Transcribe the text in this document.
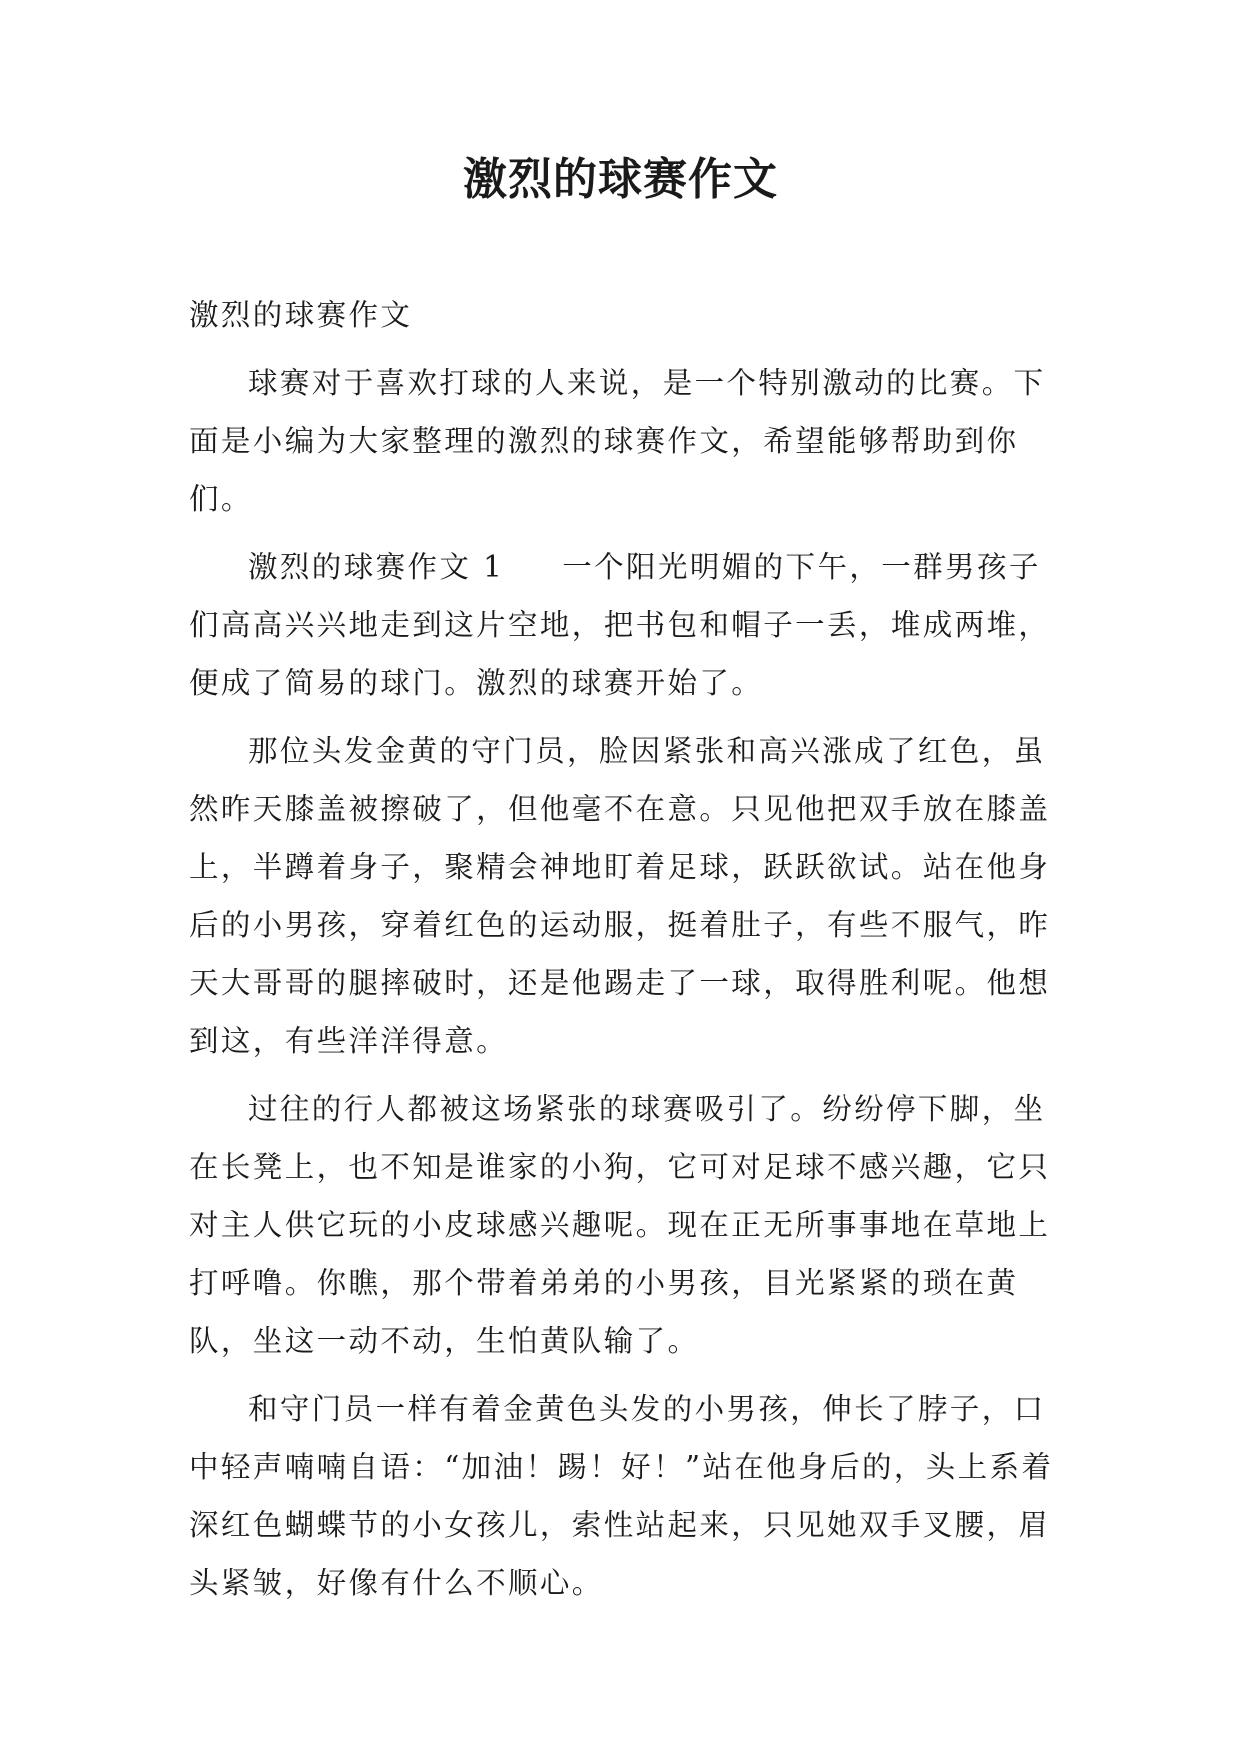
激烈的球赛作文

激烈的球赛作文

球赛对于喜欢打球的人来说，是一个特别激动的比赛。下面是小编为大家整理的激烈的球赛作文，希望能够帮助到你们。

激烈的球赛作文 1 一个阳光明媚的下午，一群男孩子们高高兴兴地走到这片空地，把书包和帽子一丢，堆成两堆，便成了简易的球门。激烈的球赛开始了。

那位头发金黄的守门员，脸因紧张和高兴涨成了红色，虽然昨天膝盖被擦破了，但他毫不在意。只见他把双手放在膝盖上，半蹲着身子，聚精会神地盯着足球，跃跃欲试。站在他身后的小男孩，穿着红色的运动服，挺着肚子，有些不服气，昨天大哥哥的腿摔破时，还是他踢走了一球，取得胜利呢。他想到这，有些洋洋得意。

过往的行人都被这场紧张的球赛吸引了。纷纷停下脚，坐在长凳上，也不知是谁家的小狗，它可对足球不感兴趣，它只对主人供它玩的小皮球感兴趣呢。现在正无所事事地在草地上打呼噜。你瞧，那个带着弟弟的小男孩，目光紧紧的琐在黄队，坐这一动不动，生怕黄队输了。

和守门员一样有着金黄色头发的小男孩，伸长了脖子，口中轻声喃喃自语：“加油！踢！好！”站在他身后的，头上系着深红色蝴蝶节的小女孩儿，索性站起来，只见她双手叉腰，眉头紧皱，好像有什么不顺心。
